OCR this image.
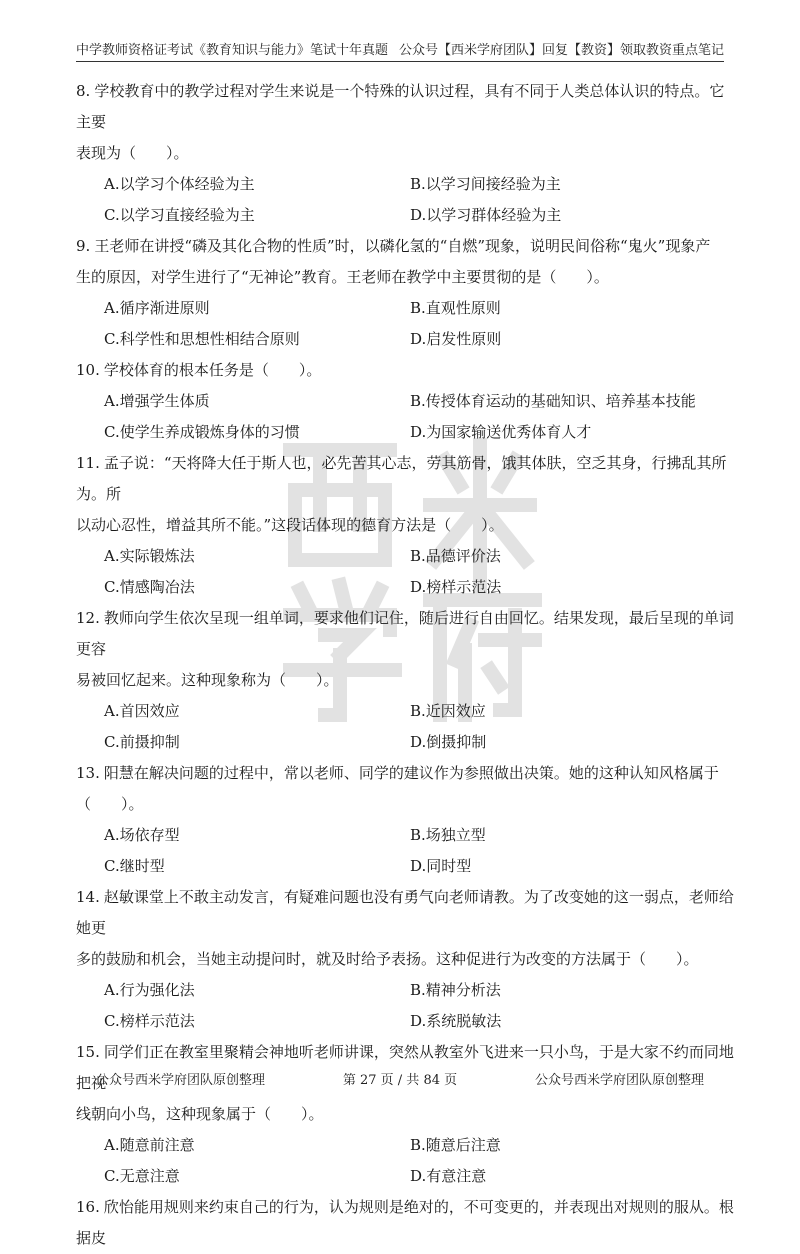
中学教师资格证考试《教育知识与能力》笔试十年真题 公众号【西米学府团队】回复【教资】领取教资重点笔记

8. 学校教育中的教学过程对学生来说是一个特殊的认识过程，具有不同于人类总体认识的特点。它主要

表现为（　　）。

A.以学习个体经验为主	B.以学习间接经验为主
C.以学习直接经验为主	D.以学习群体经验为主

9. 王老师在讲授“磷及其化合物的性质”时，以磷化氢的“自燃”现象，说明民间俗称“鬼火”现象产

生的原因，对学生进行了“无神论”教育。王老师在教学中主要贯彻的是（　　）。

A.循序渐进原则	B.直观性原则
C.科学性和思想性相结合原则	D.启发性原则

10. 学校体育的根本任务是（　　）。

A.增强学生体质	B.传授体育运动的基础知识、培养基本技能
C.使学生养成锻炼身体的习惯	D.为国家输送优秀体育人才

11. 孟子说：“天将降大任于斯人也，必先苦其心志，劳其筋骨，饿其体肤，空乏其身，行拂乱其所为。所

以动心忍性，增益其所不能。”这段话体现的德育方法是（　　）。

A.实际锻炼法	B.品德评价法
C.情感陶冶法	D.榜样示范法

12. 教师向学生依次呈现一组单词，要求他们记住，随后进行自由回忆。结果发现，最后呈现的单词更容

易被回忆起来。这种现象称为（　　）。

A.首因效应	B.近因效应
C.前摄抑制	D.倒摄抑制

13. 阳慧在解决问题的过程中，常以老师、同学的建议作为参照做出决策。她的这种认知风格属于（　　）。

A.场依存型	B.场独立型
C.继时型	D.同时型

14. 赵敏课堂上不敢主动发言，有疑难问题也没有勇气向老师请教。为了改变她的这一弱点，老师给她更

多的鼓励和机会，当她主动提问时，就及时给予表扬。这种促进行为改变的方法属于（　　）。

A.行为强化法	B.精神分析法
C.榜样示范法	D.系统脱敏法

15. 同学们正在教室里聚精会神地听老师讲课，突然从教室外飞进来一只小鸟，于是大家不约而同地把视

线朝向小鸟，这种现象属于（　　）。

A.随意前注意	B.随意后注意
C.无意注意	D.有意注意

16. 欣怡能用规则来约束自己的行为，认为规则是绝对的，不可变更的，并表现出对规则的服从。根据皮

公众号西米学府团队原创整理	第 27 页 / 共 84 页	公众号西米学府团队原创整理
